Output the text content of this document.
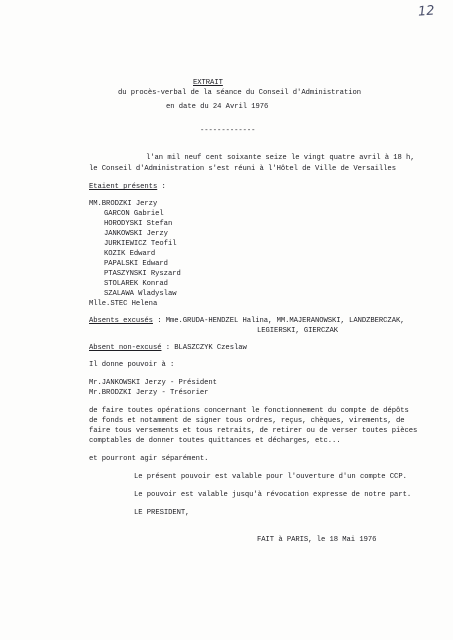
12
EXTRAIT
du procès-verbal de la séance du Conseil d'Administration
en date du 24 Avril 1976
-------------
l'an mil neuf cent soixante seize le vingt quatre avril à 18 h,
le Conseil d'Administration s'est réuni à l'Hôtel de Ville de Versailles
Etaient présents :
MM.BRODZKI Jerzy
GARCON Gabriel
HORODYSKI Stefan
JANKOWSKI Jerzy
JURKIEWICZ Teofil
KOZIK Edward
PAPALSKI Edward
PTASZYNSKI Ryszard
STOLAREK Konrad
SZALAWA Wladyslaw
Mlle.STEC Helena
Absents excusés : Mme.GRUDA-HENDZEL Halina, MM.MAJERANOWSKI, LANDZBERCZAK,
LEGIERSKI, GIERCZAK
Absent non-excusé : BLASZCZYK Czeslaw
Il donne pouvoir à :
Mr.JANKOWSKI Jerzy - Président
Mr.BRODZKI Jerzy - Trésorier
de faire toutes opérations concernant le fonctionnement du compte de dépôts
de fonds et notamment de signer tous ordres, reçus, chèques, virements, de
faire tous versements et tous retraits, de retirer ou de verser toutes pièces
comptables de donner toutes quittances et décharges, etc...
et pourront agir séparément.
Le présent pouvoir est valable pour l'ouverture d'un compte CCP.
Le pouvoir est valable jusqu'à révocation expresse de notre part.
LE PRESIDENT,
FAIT à PARIS, le 18 Mai 1976
